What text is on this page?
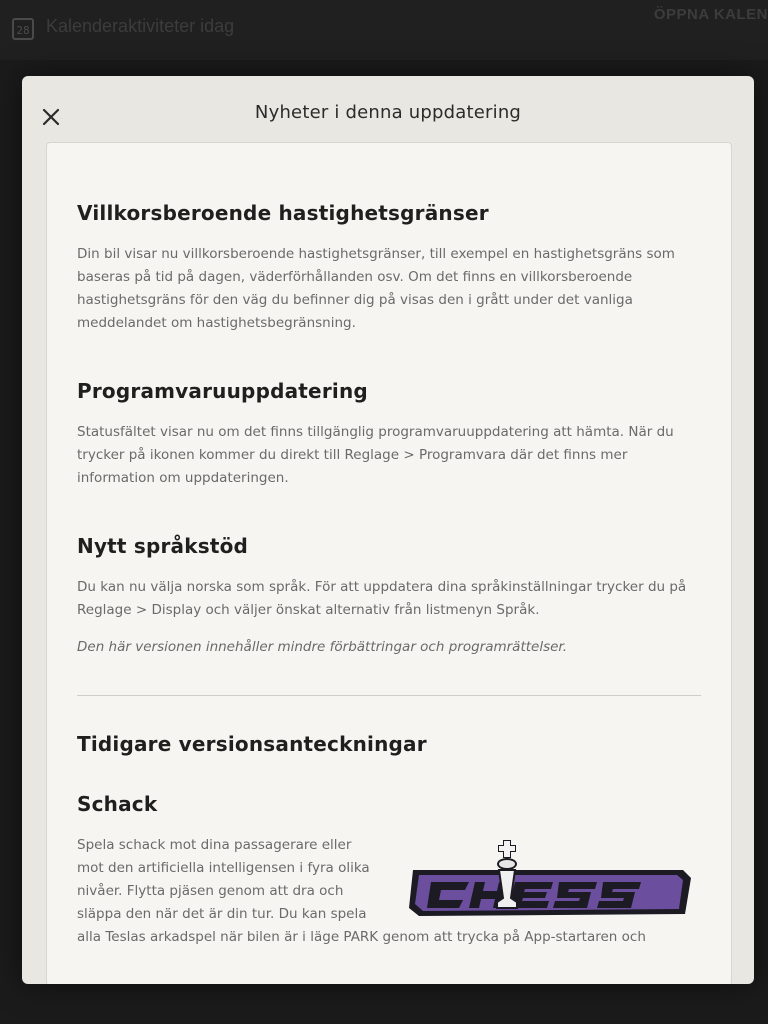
28 Kalenderaktiviteter idag
ÖPPNA KALEN
Nyheter i denna uppdatering
Villkorsberoende hastighetsgränser

Din bil visar nu villkorsberoende hastighetsgränser, till exempel en hastighetsgräns som baseras på tid på dagen, väderförhållanden osv. Om det finns en villkorsberoende hastighetsgräns för den väg du befinner dig på visas den i grått under det vanliga meddelandet om hastighetsbegränsning.

Programvaruuppdatering

Statusfältet visar nu om det finns tillgänglig programvaruuppdatering att hämta. När du trycker på ikonen kommer du direkt till Reglage > Programvara där det finns mer information om uppdateringen.

Nytt språkstöd

Du kan nu välja norska som språk. För att uppdatera dina språkinställningar trycker du på Reglage > Display och väljer önskat alternativ från listmenyn Språk.

Den här versionen innehåller mindre förbättringar och programrättelser.

Tidigare versionsanteckningar
Schack

Spela schack mot dina passagerare eller mot den artificiella intelligensen i fyra olika nivåer. Flytta pjäsen genom att dra och släppa den när det är din tur. Du kan spela

alla Teslas arkadspel när bilen är i läge PARK genom att trycka på App-startaren och
